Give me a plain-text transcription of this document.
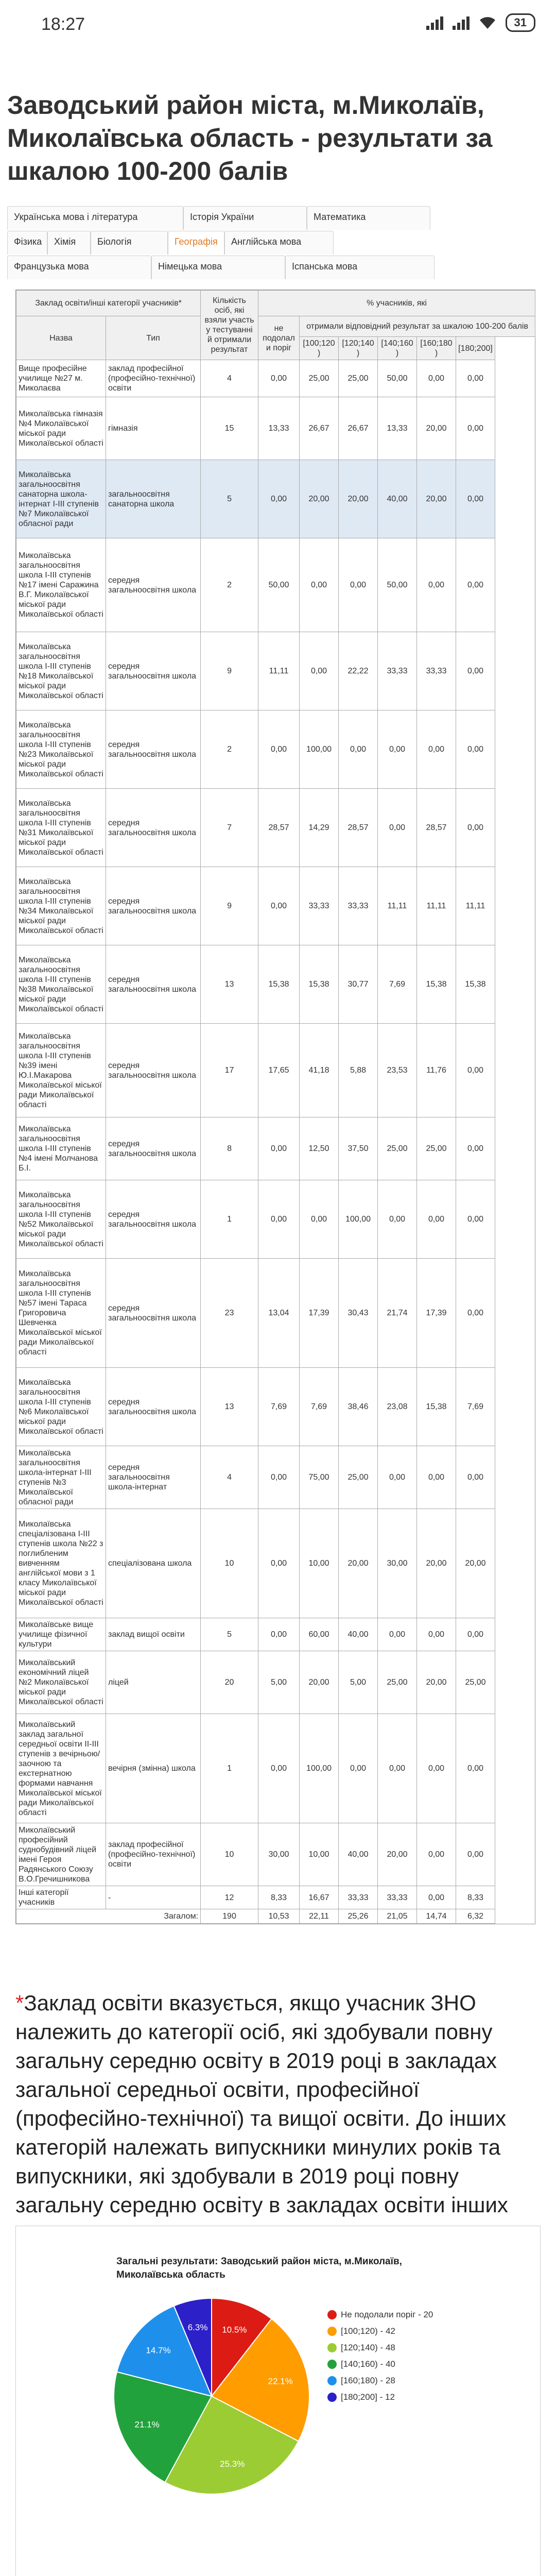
18:27	31
Заводський район міста, м.Миколаїв, Миколаївська область - результати за шкалою 100-200 балів
Українська мова і література	Історія України	Математика
Фізика	Хімія	Біологія	Географія	Англійська мова
Французька мова	Німецька мова	Іспанська мова
Заклад освіти/інші категорії учасників*		Кількість осіб, які взяли участь у тестуванні й отримали результат	% учасників, які					
Назва	Тип		не подолали поріг	отримали відповідний результат за шкалою 100-200 балів				
				[100;120)	[120;140)	[140;160)	[160;180)	[180;200]
Вище професійне училище №27 м. Миколаєва	заклад професійної (професійно-технічної) освіти	4	0,00	25,00	25,00	50,00	0,00	0,00
Миколаївська гімназія №4 Миколаївської міської ради Миколаївської області	гімназія	15	13,33	26,67	26,67	13,33	20,00	0,00
Миколаївська загальноосвітня санаторна школа-інтернат І-ІІІ ступенів №7 Миколаївської обласної ради	загальноосвітня санаторна школа	5	0,00	20,00	20,00	40,00	20,00	0,00
Миколаївська загальноосвітня школа І-ІІІ ступенів №17 імені Саражина В.Г. Миколаївської міської ради Миколаївської області	середня загальноосвітня школа	2	50,00	0,00	0,00	50,00	0,00	0,00
Миколаївська загальноосвітня школа І-ІІІ ступенів №18 Миколаївської міської ради Миколаївської області	середня загальноосвітня школа	9	11,11	0,00	22,22	33,33	33,33	0,00
Миколаївська загальноосвітня школа І-ІІІ ступенів №23 Миколаївської міської ради Миколаївської області	середня загальноосвітня школа	2	0,00	100,00	0,00	0,00	0,00	0,00
Миколаївська загальноосвітня школа І-ІІІ ступенів №31 Миколаївської міської ради Миколаївської області	середня загальноосвітня школа	7	28,57	14,29	28,57	0,00	28,57	0,00
Миколаївська загальноосвітня школа І-ІІІ ступенів №34 Миколаївської міської ради Миколаївської області	середня загальноосвітня школа	9	0,00	33,33	33,33	11,11	11,11	11,11
Миколаївська загальноосвітня школа І-ІІІ ступенів №38 Миколаївської міської ради Миколаївської області	середня загальноосвітня школа	13	15,38	15,38	30,77	7,69	15,38	15,38
Миколаївська загальноосвітня школа І-ІІІ ступенів №39 імені Ю.І.Макарова Миколаївської міської ради Миколаївської області	середня загальноосвітня школа	17	17,65	41,18	5,88	23,53	11,76	0,00
Миколаївська загальноосвітня школа І-ІІІ ступенів №4 імені Молчанова Б.І.	середня загальноосвітня школа	8	0,00	12,50	37,50	25,00	25,00	0,00
Миколаївська загальноосвітня школа І-ІІІ ступенів №52 Миколаївської міської ради Миколаївської області	середня загальноосвітня школа	1	0,00	0,00	100,00	0,00	0,00	0,00
Миколаївська загальноосвітня школа І-ІІІ ступенів №57 імені Тараса Григоровича Шевченка Миколаївської міської ради Миколаївської області	середня загальноосвітня школа	23	13,04	17,39	30,43	21,74	17,39	0,00
Миколаївська загальноосвітня школа І-ІІІ ступенів №6 Миколаївської міської ради Миколаївської області	середня загальноосвітня школа	13	7,69	7,69	38,46	23,08	15,38	7,69
Миколаївська загальноосвітня школа-інтернат І-ІІІ ступенів №3 Миколаївської обласної ради	середня загальноосвітня школа-інтернат	4	0,00	75,00	25,00	0,00	0,00	0,00
Миколаївська спеціалізована І-ІІІ ступенів школа №22 з поглибленим вивченням англійської мови з 1 класу Миколаївської міської ради Миколаївської області	спеціалізована школа	10	0,00	10,00	20,00	30,00	20,00	20,00
Миколаївське вище училище фізичної культури	заклад вищої освіти	5	0,00	60,00	40,00	0,00	0,00	0,00
Миколаївський економічний ліцей №2 Миколаївської міської ради Миколаївської області	ліцей	20	5,00	20,00	5,00	25,00	20,00	25,00
Миколаївський заклад загальної середньої освіти ІІ-ІІІ ступенів з вечірньою/заочною та екстернатною формами навчання Миколаївської міської ради Миколаївської області	вечірня (змінна) школа	1	0,00	100,00	0,00	0,00	0,00	0,00
Миколаївський професійний суднобудівний ліцей імені Героя Радянського Союзу В.О.Гречишникова	заклад професійної (професійно-технічної) освіти	10	30,00	10,00	40,00	20,00	0,00	0,00
Інші категорії учасників	-	12	8,33	16,67	33,33	33,33	0,00	8,33
Загалом:		190	10,53	22,11	25,26	21,05	14,74	6,32
*Заклад освіти вказується, якщо учасник ЗНО належить до категорії осіб, які здобували повну загальну середню освіту в 2019 році в закладах загальної середньої освіти, професійної (професійно-технічної) та вищої освіти. До інших категорій належать випускники минулих років та випускники, які здобували в 2019 році повну загальну середню освіту в закладах освіти інших
Загальні результати: Заводський район міста, м.Миколаїв, Миколаївська область
10.5%
22.1%
25.3%
21.1%
14.7%
6.3%
Не подолали поріг - 20
[100;120) - 42
[120;140) - 48
[140;160) - 40
[160;180) - 28
[180;200] - 12
